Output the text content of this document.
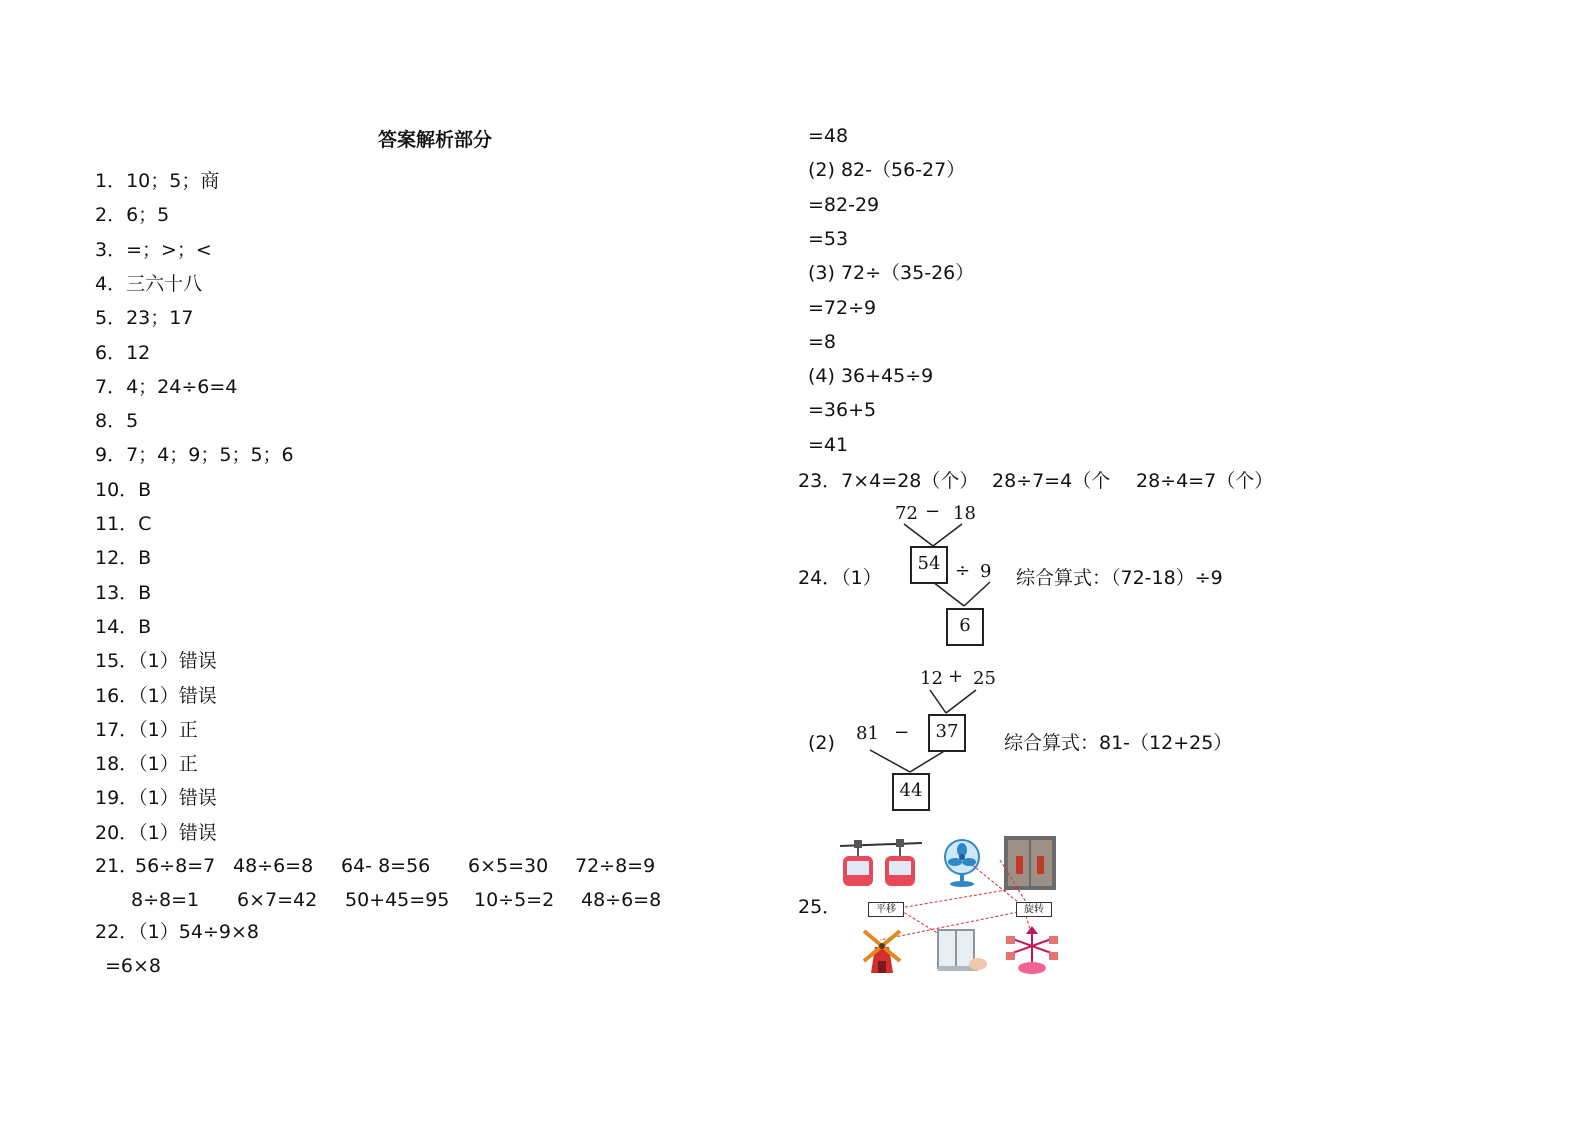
答案解析部分
1．10；5；商
2．6；5
3．=；>；<
4．三六十八
5．23；17
6．12
7．4；24÷6=4
8．5
9．7；4；9；5；5；6
10．B
11．C
12．B
13．B
14．B
15．（1）错误
16．（1）错误
17．（1）正
18．（1）正
19．（1）错误
20．（1）错误
21．
56÷8=7 48÷6=8 64- 8=56 6×5=30 72÷8=9
8÷8=1 6×7=42 50+45=95 10÷5=2 48÷6=8
22．（1）54÷9×8
=6×8
=48
(2) 82-（56-27）
=82-29
=53
(3) 72÷（35-26）
=72÷9
=8
(4) 36+45÷9
=36+5
=41
23．7×4=28（个） 28÷7=4（个 28÷4=7（个）
24．（1）
72 − 18
54 ÷ 9
6
综合算式：（72-18）÷9
(2)
12 + 25
81 −	37
44
综合算式：81-（12+25）
25．	平移	旋转
